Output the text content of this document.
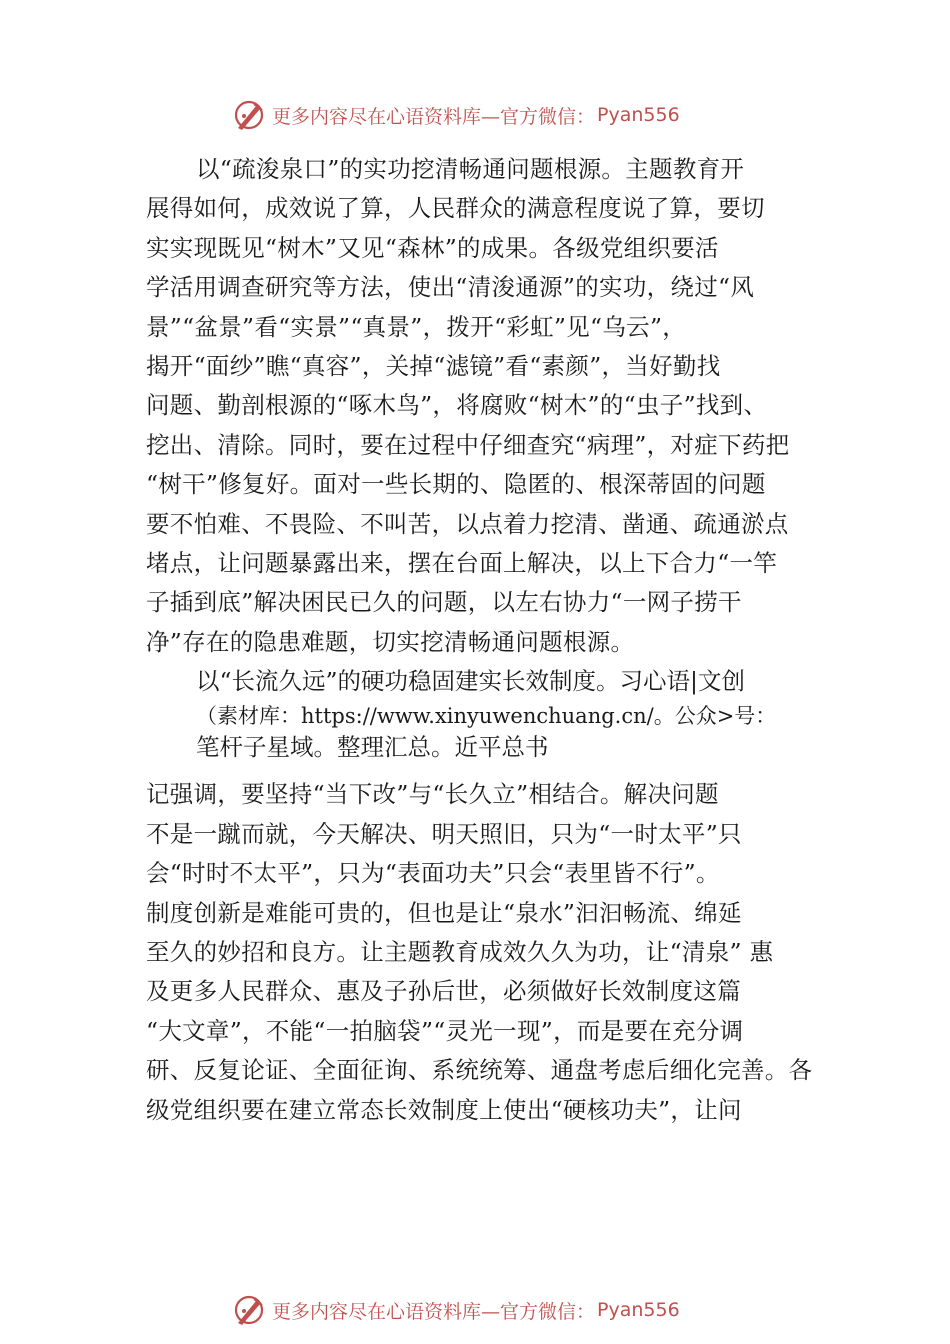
更多内容尽在心语资料库—官方微信： Pyan556
以“疏浚泉口”的实功挖清畅通问题根源。主题教育开
展得如何，成效说了算，人民群众的满意程度说了算，要切
实实现既见“树木”又见“森林”的成果。各级党组织要活
学活用调查研究等方法，使出“清浚通源”的实功，绕过“风
景”“盆景”看“实景”“真景”，拨开“彩虹”见“乌云”，
揭开“面纱”瞧“真容”，关掉“滤镜”看“素颜”，当好勤找
问题、勤剖根源的“啄木鸟”，将腐败“树木”的“虫子”找到、
挖出、清除。同时，要在过程中仔细查究“病理”，对症下药把
“树干”修复好。面对一些长期的、隐匿的、根深蒂固的问题
要不怕难、不畏险、不叫苦，以点着力挖清、凿通、疏通淤点
堵点，让问题暴露出来，摆在台面上解决，以上下合力“一竿
子插到底”解决困民已久的问题，以左右协力“一网子捞干
净”存在的隐患难题，切实挖清畅通问题根源。
以“长流久远”的硬功稳固建实长效制度。习心语|文创
（素材库：https://www.xinyuwenchuang.cn/。公众>号：
笔杆子星域。整理汇总。近平总书
记强调，要坚持“当下改”与“长久立”相结合。解决问题
不是一蹴而就，今天解决、明天照旧，只为“一时太平”只
会“时时不太平”，只为“表面功夫”只会“表里皆不行”。
制度创新是难能可贵的，但也是让“泉水”汩汩畅流、绵延
至久的妙招和良方。让主题教育成效久久为功，让“清泉” 惠
及更多人民群众、惠及子孙后世，必须做好长效制度这篇
“大文章”，不能“一拍脑袋”“灵光一现”，而是要在充分调
研、反复论证、全面征询、系统统筹、通盘考虑后细化完善。各
级党组织要在建立常态长效制度上使出“硬核功夫”，让问
更多内容尽在心语资料库—官方微信： Pyan556
